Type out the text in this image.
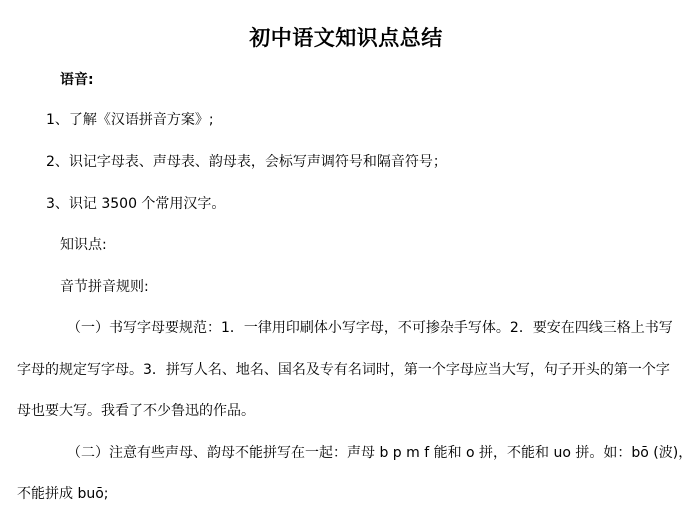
初中语文知识点总结
语音:
1、了解《汉语拼音方案》;
2、识记字母表、声母表、韵母表，会标写声调符号和隔音符号；
3、识记 3500 个常用汉字。
知识点:
音节拼音规则:
（一）书写字母要规范：1．一律用印刷体小写字母，不可掺杂手写体。2．要安在四线三格上书写
字母的规定写字母。3．拼写人名、地名、国名及专有名词时，第一个字母应当大写，句子开头的第一个字
母也要大写。我看了不少鲁迅的作品。
（二）注意有些声母、韵母不能拼写在一起：声母 b p m f 能和 o 拼，不能和 uo 拼。如：bō (波)，
不能拼成 buō;
